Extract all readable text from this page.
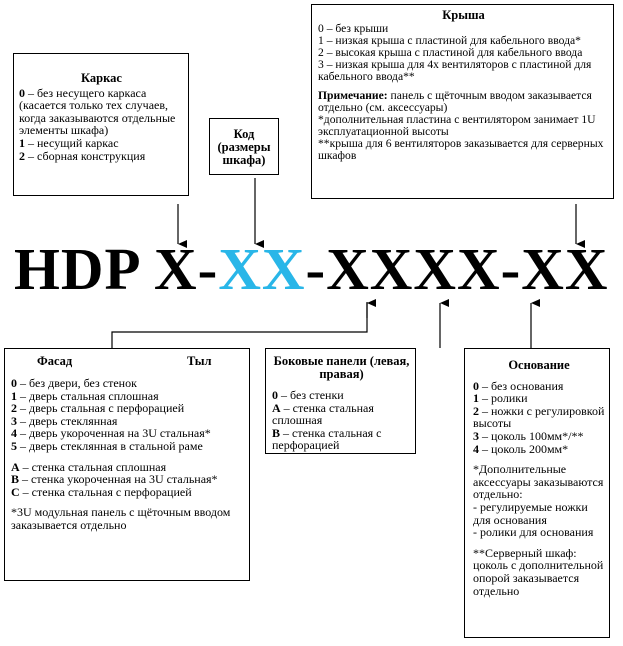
Каркас
0 – без несущего каркаса (касается только тех случаев, когда заказываются отдельные элементы шкафа)
1 – несущий каркас
2 – сборная конструкция
Код (размеры шкафа)
Крыша
0 – без крыши
1 – низкая крыша с пластиной для кабельного ввода*
2 – высокая крыша с пластиной для кабельного ввода
3 – низкая крыша для 4х вентиляторов с пластиной для кабельного ввода**
Примечание: панель с щёточным вводом заказывается отдельно (см. аксессуары)
*дополнительная пластина с вентилятором занимает 1U эксплуатационной высоты
**крыша для 6 вентиляторов заказывается для серверных шкафов
HDP X-XX-XXXX-XX
Фасад	Тыл
0 – без двери, без стенок
1 – дверь стальная сплошная
2 – дверь стальная с перфорацией
3 – дверь стеклянная
4 – дверь укороченная на 3U стальная*
5 – дверь стеклянная в стальной раме
А – стенка стальная сплошная
В – стенка укороченная на 3U стальная*
С – стенка стальная с перфорацией
*3U модульная панель с щёточным вводом заказывается отдельно
Боковые панели (левая, правая)
0 – без стенки
А – стенка стальная сплошная
В – стенка стальная с перфорацией
Основание
0 – без основания
1 – ролики
2 – ножки с регулировкой высоты
3 – цоколь 100мм*/**
4 – цоколь 200мм*
*Дополнительные аксессуары заказываются отдельно:
- регулируемые ножки для основания
- ролики для основания
**Серверный шкаф: цоколь с дополнительной опорой заказывается отдельно
